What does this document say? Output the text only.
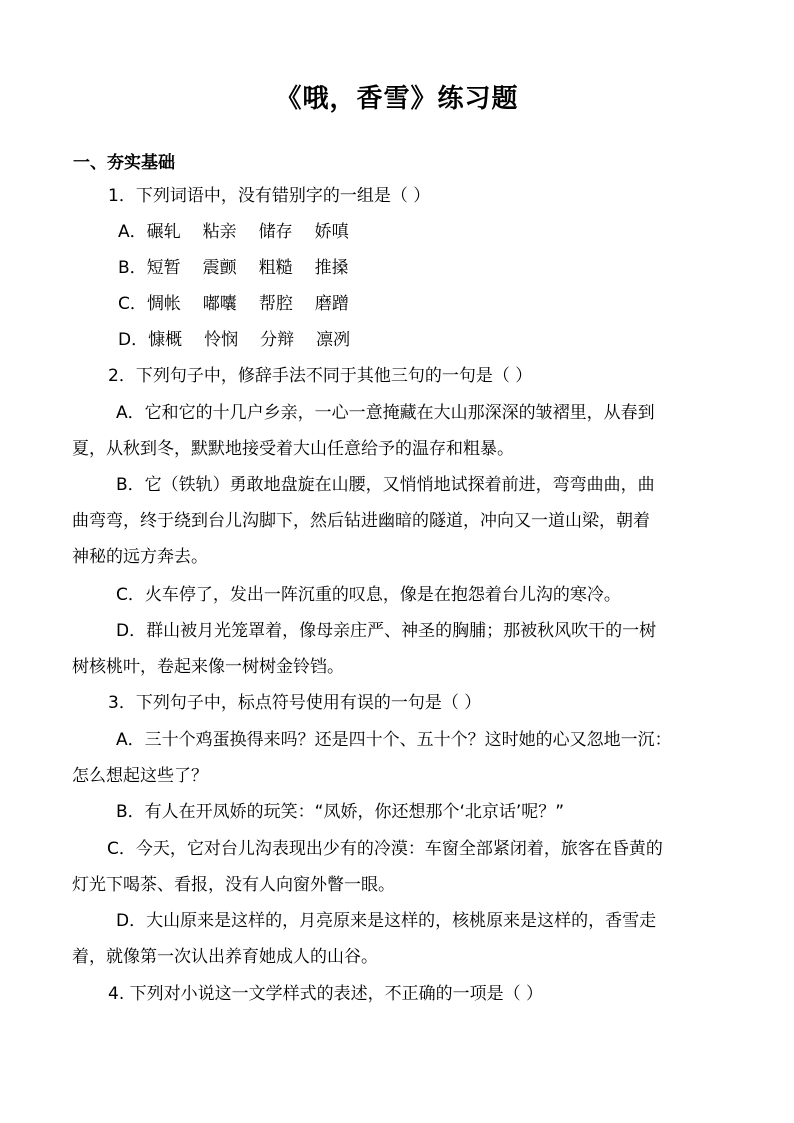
《哦，香雪》练习题
一、夯实基础
1．下列词语中，没有错别字的一组是（ ）
A．碾轧 粘亲 储存 娇嗔
B．短暂 震颤 粗糙 推搡
C．惆帐 嘟囔 帮腔 磨蹭
D．慷概 怜悯 分辩 凛冽
2．下列句子中，修辞手法不同于其他三句的一句是（ ）
A．它和它的十几户乡亲，一心一意掩藏在大山那深深的皱褶里，从春到
夏，从秋到冬，默默地接受着大山任意给予的温存和粗暴。
B．它（铁轨）勇敢地盘旋在山腰，又悄悄地试探着前进，弯弯曲曲，曲
曲弯弯，终于绕到台儿沟脚下，然后钻进幽暗的隧道，冲向又一道山梁，朝着
神秘的远方奔去。
C．火车停了，发出一阵沉重的叹息，像是在抱怨着台儿沟的寒冷。
D．群山被月光笼罩着，像母亲庄严、神圣的胸脯；那被秋风吹干的一树
树核桃叶，卷起来像一树树金铃铛。
3．下列句子中，标点符号使用有误的一句是（ ）
A．三十个鸡蛋换得来吗？还是四十个、五十个？这时她的心又忽地一沉：
怎么想起这些了？
B．有人在开凤娇的玩笑：“凤娇，你还想那个‘北京话’呢？”
C．今天，它对台儿沟表现出少有的冷漠：车窗全部紧闭着，旅客在昏黄的
灯光下喝茶、看报，没有人向窗外瞥一眼。
D．大山原来是这样的，月亮原来是这样的，核桃原来是这样的，香雪走
着，就像第一次认出养育她成人的山谷。
4. 下列对小说这一文学样式的表述，不正确的一项是（ ）
